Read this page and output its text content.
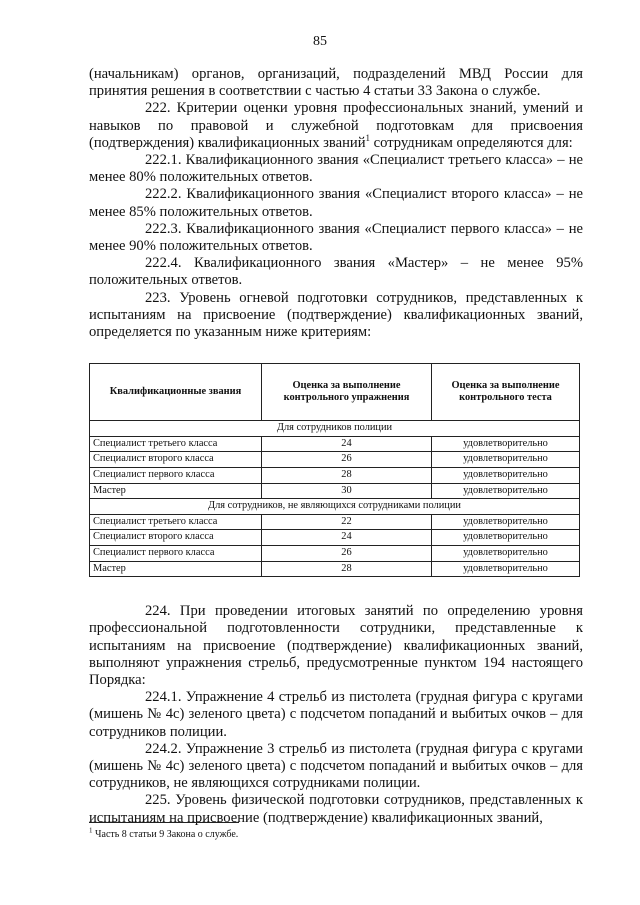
85

(начальникам) органов, организаций, подразделений МВД России для принятия решения в соответствии с частью 4 статьи 33 Закона о службе.

222. Критерии оценки уровня профессиональных знаний, умений и навыков по правовой и служебной подготовкам для присвоения (подтверждения) квалификационных званий$^1$ сотрудникам определяются для:

222.1. Квалификационного звания «Специалист третьего класса» – не менее 80% положительных ответов.

222.2. Квалификационного звания «Специалист второго класса» – не менее 85% положительных ответов.

222.3. Квалификационного звания «Специалист первого класса» – не менее 90% положительных ответов.

222.4. Квалификационного звания «Мастер» – не менее 95% положительных ответов.

223. Уровень огневой подготовки сотрудников, представленных к испытаниям на присвоение (подтверждение) квалификационных званий, определяется по указанным ниже критериям:

Квалификационные звания	Оценка за выполнение контрольного упражнения	Оценка за выполнение контрольного теста
Для сотрудников полиции		
Специалист третьего класса	24	удовлетворительно
Специалист второго класса	26	удовлетворительно
Специалист первого класса	28	удовлетворительно
Мастер	30	удовлетворительно
Для сотрудников, не являющихся сотрудниками полиции		
Специалист третьего класса	22	удовлетворительно
Специалист второго класса	24	удовлетворительно
Специалист первого класса	26	удовлетворительно
Мастер	28	удовлетворительно

224. При проведении итоговых занятий по определению уровня профессиональной подготовленности сотрудники, представленные к испытаниям на присвоение (подтверждение) квалификационных званий, выполняют упражнения стрельб, предусмотренные пунктом 194 настоящего Порядка:

224.1. Упражнение 4 стрельб из пистолета (грудная фигура с кругами (мишень № 4с) зеленого цвета) с подсчетом попаданий и выбитых очков – для сотрудников полиции.

224.2. Упражнение 3 стрельб из пистолета (грудная фигура с кругами (мишень № 4с) зеленого цвета) с подсчетом попаданий и выбитых очков – для сотрудников, не являющихся сотрудниками полиции.

225. Уровень физической подготовки сотрудников, представленных к испытаниям на присвоение (подтверждение) квалификационных званий,

$^1$ Часть 8 статьи 9 Закона о службе.
